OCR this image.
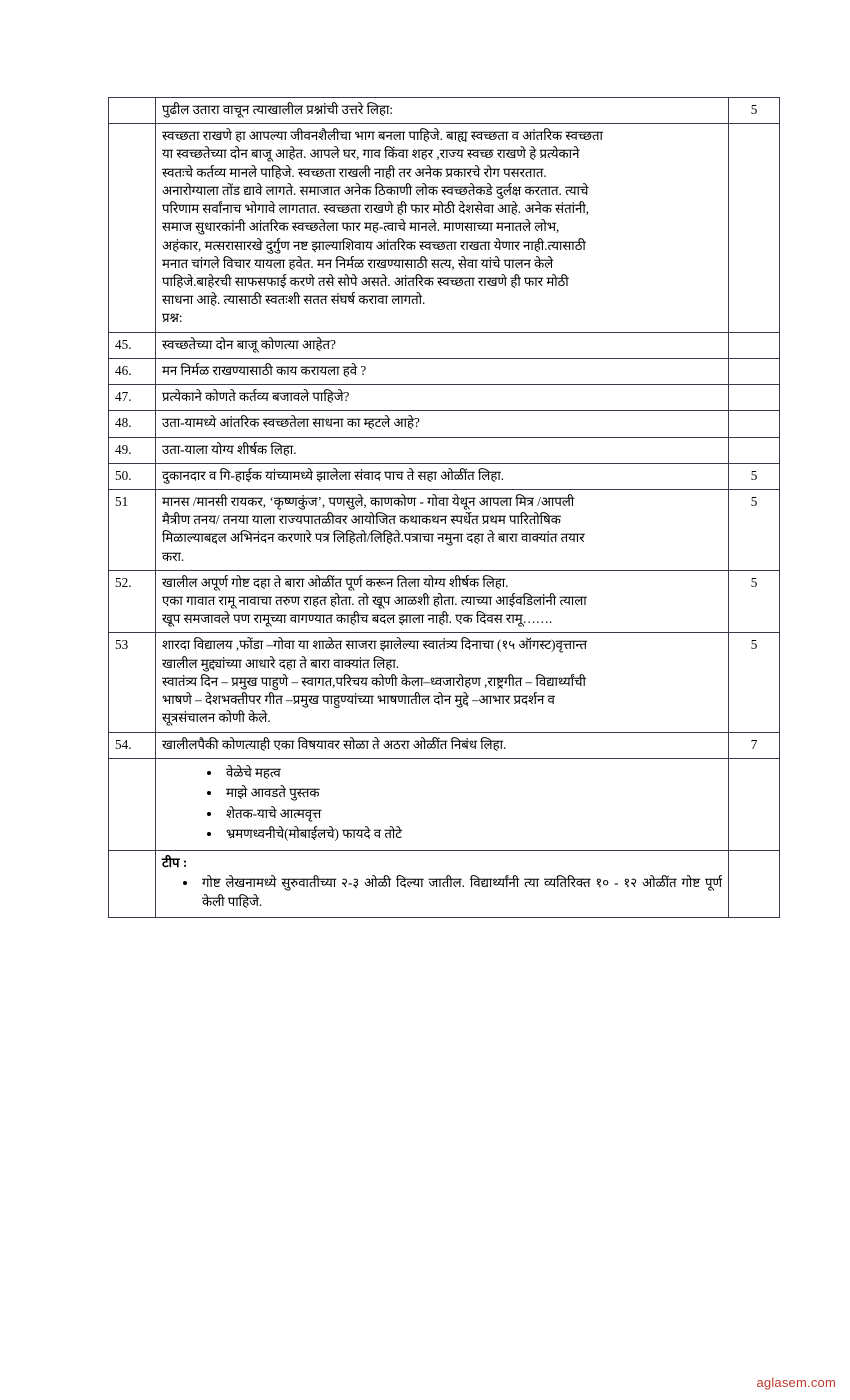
	पुढील उतारा वाचून त्याखालील प्रश्नांची उत्तरे लिहा:	5

स्वच्छता राखणे हा आपल्या जीवनशैलीचा भाग बनला पाहिजे. बाह्य स्वच्छता व आंतरिक स्वच्छता
या स्वच्छतेच्या दोन बाजू आहेत. आपले घर, गाव किंवा शहर ,राज्य स्वच्छ राखणे हे प्रत्येकाने
स्वतःचे कर्तव्य मानले पाहिजे. स्वच्छता राखली नाही तर अनेक प्रकारचे रोग पसरतात.
अनारोग्याला तोंड द्यावे लागते. समाजात अनेक ठिकाणी लोक स्वच्छतेकडे दुर्लक्ष करतात. त्याचे
परिणाम सर्वांनाच भोगावे लागतात. स्वच्छता राखणे ही फार मोठी देशसेवा आहे. अनेक संतांनी,
समाज सुधारकांनी आंतरिक स्वच्छतेला फार मह-त्वाचे मानले. माणसाच्या मनातले लोभ,
अहंकार, मत्सरासारखे दुर्गुण नष्ट झाल्याशिवाय आंतरिक स्वच्छता राखता येणार नाही.त्यासाठी
मनात चांगले विचार यायला हवेत. मन निर्मळ राखण्यासाठी सत्य, सेवा यांचे पालन केले
पाहिजे.बाहेरची साफसफाई करणे तसे सोपे असते. आंतरिक स्वच्छता राखणे ही फार मोठी
साधना आहे. त्यासाठी स्वतःशी सतत संघर्ष करावा लागतो.
प्रश्न:

45.	स्वच्छतेच्या दोन बाजू कोणत्या आहेत?	
46.	मन निर्मळ राखण्यासाठी काय करायला हवे ?	
47.	प्रत्येकाने कोणते कर्तव्य बजावले पाहिजे?	
48.	उता-यामध्ये आंतरिक स्वच्छतेला साधना का म्हटले आहे?	
49.	उता-याला योग्य शीर्षक लिहा.	
50.	दुकानदार व गि-हाईक यांच्यामध्ये झालेला संवाद पाच ते सहा ओळींत लिहा.	5
51	मानस /मानसी रायकर, ‘कृष्णकुंज’, पणसुले, काणकोण - गोवा येथून आपला मित्र /आपली
मैत्रीण तनय/ तनया याला राज्यपातळीवर आयोजित कथाकथन स्पर्धेत प्रथम पारितोषिक
मिळाल्याबद्दल अभिनंदन करणारे पत्र लिहितो/लिहिते.पत्राचा नमुना दहा ते बारा वाक्यांत तयार
करा.	5
52.	खालील अपूर्ण गोष्ट दहा ते बारा ओळींत पूर्ण करून तिला योग्य शीर्षक लिहा.
एका गावात रामू नावाचा तरुण राहत होता. तो खूप आळशी होता. त्याच्या आईवडिलांनी त्याला
खूप समजावले पण रामूच्या वागण्यात काहीच बदल झाला नाही. एक दिवस रामू…….	5
53	शारदा विद्यालय ,फोंडा –गोवा या शाळेत साजरा झालेल्या स्वातंत्र्य दिनाचा (१५ ऑगस्ट)वृत्तान्त
खालील मुद्द्यांच्या आधारे दहा ते बारा वाक्यांत लिहा.
स्वातंत्र्य दिन – प्रमुख पाहुणे – स्वागत,परिचय कोणी केला–ध्वजारोहण ,राष्ट्रगीत – विद्यार्थ्यांची
भाषणे – देशभक्तीपर गीत –प्रमुख पाहुण्यांच्या भाषणातील दोन मुद्दे –आभार प्रदर्शन व
सूत्रसंचालन कोणी केले.	5
54.	खालीलपैकी कोणत्याही एका विषयावर सोळा ते अठरा ओळींत निबंध लिहा.	7

• वेळेचे महत्व
• माझे आवडते पुस्तक
• शेतक-याचे आत्मवृत्त
• भ्रमणध्वनीचे(मोबाईलचे) फायदे व तोटे

टीप :
• गोष्ट लेखनामध्ये सुरुवातीच्या २-३ ओळी दिल्या जातील. विद्यार्थ्यांनी त्या व्यतिरिक्त १० - १२ ओळींत गोष्ट पूर्ण केली पाहिजे.

aglasem.com
